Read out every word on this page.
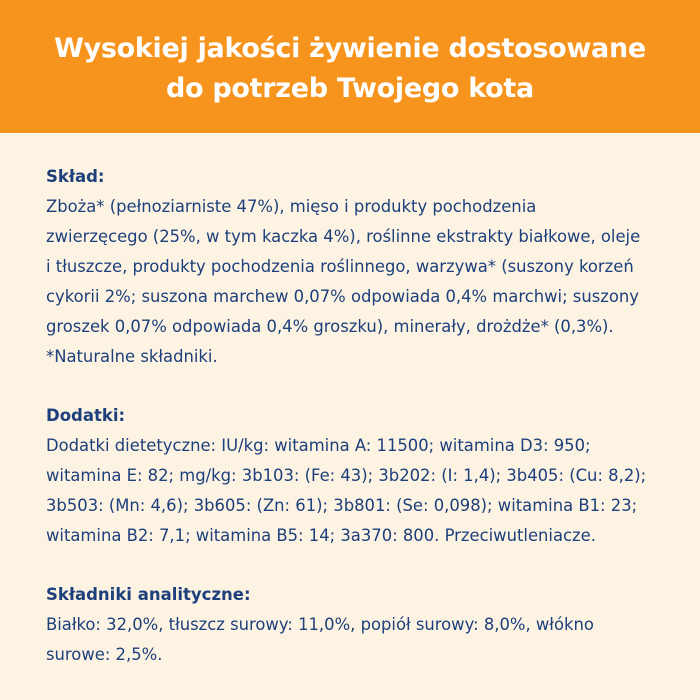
Wysokiej jakości żywienie dostosowane
do potrzeb Twojego kota
Skład:

Zboża* (pełnoziarniste 47%), mięso i produkty pochodzenia
zwierzęcego (25%, w tym kaczka 4%), roślinne ekstrakty białkowe, oleje
i tłuszcze, produkty pochodzenia roślinnego, warzywa* (suszony korzeń
cykorii 2%; suszona marchew 0,07% odpowiada 0,4% marchwi; suszony
groszek 0,07% odpowiada 0,4% groszku), minerały, drożdże* (0,3%).
*Naturalne składniki.

Dodatki:

Dodatki dietetyczne: IU/kg: witamina A: 11500; witamina D3: 950;
witamina E: 82; mg/kg: 3b103: (Fe: 43); 3b202: (I: 1,4); 3b405: (Cu: 8,2);
3b503: (Mn: 4,6); 3b605: (Zn: 61); 3b801: (Se: 0,098); witamina B1: 23;
witamina B2: 7,1; witamina B5: 14; 3a370: 800. Przeciwutleniacze.

Składniki analityczne:

Białko: 32,0%, tłuszcz surowy: 11,0%, popiół surowy: 8,0%, włókno
surowe: 2,5%.
